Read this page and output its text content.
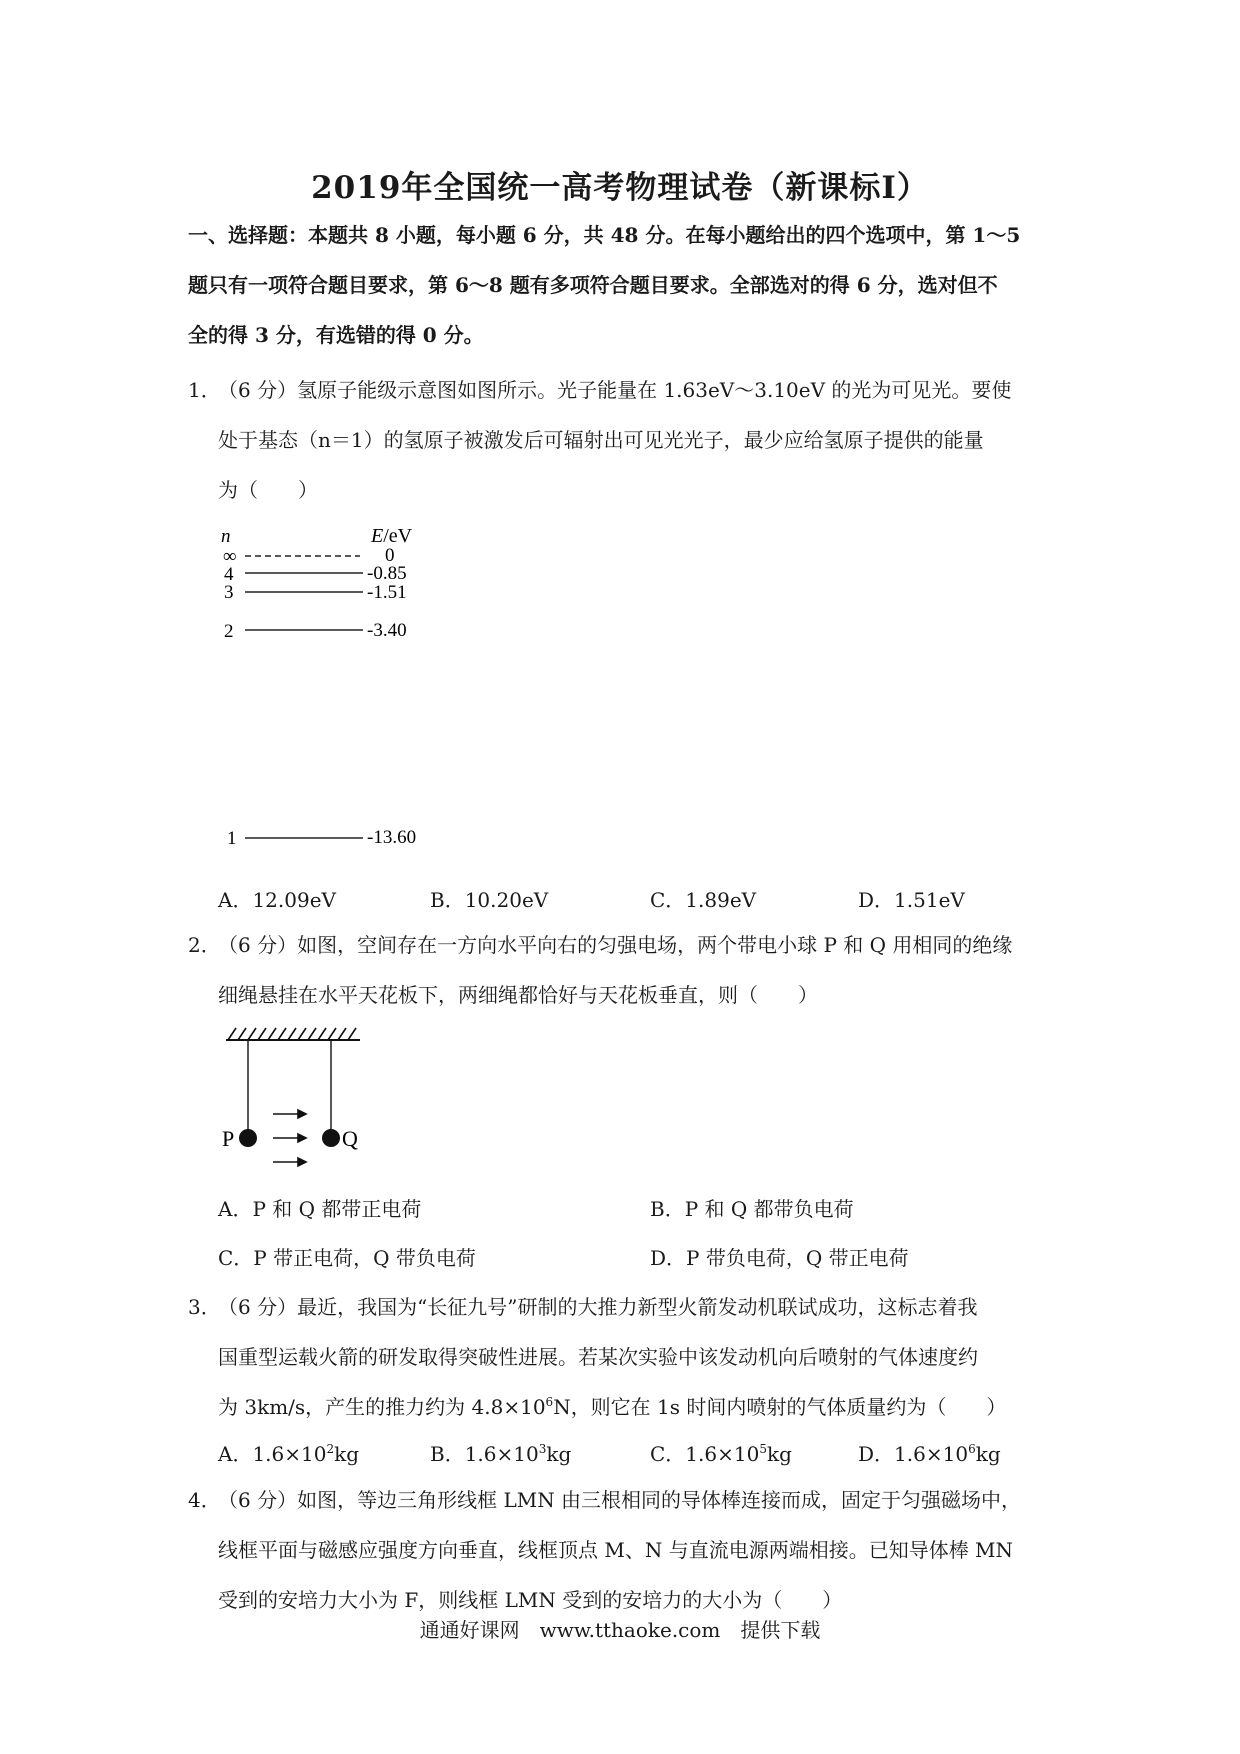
2019年全国统一高考物理试卷（新课标Ⅰ）
一、选择题：本题共 8 小题，每小题 6 分，共 48 分。在每小题给出的四个选项中，第 1～5
题只有一项符合题目要求，第 6～8 题有多项符合题目要求。全部选对的得 6 分，选对但不
全的得 3 分，有选错的得 0 分。
1．
（6 分）氢原子能级示意图如图所示。光子能量在 1.63eV～3.10eV 的光为可见光。要使
处于基态（n＝1）的氢原子被激发后可辐射出可见光光子，最少应给氢原子提供的能量
为（　　）
n	E/eV
∞	0
4	-0.85
3	-1.51
2	-3.40
1	-13.60
A．12.09eV	B．10.20eV	C．1.89eV	D．1.51eV
2．
（6 分）如图，空间存在一方向水平向右的匀强电场，两个带电小球 P 和 Q 用相同的绝缘
细绳悬挂在水平天花板下，两细绳都恰好与天花板垂直，则（　　）
P	Q
A．P 和 Q 都带正电荷	B．P 和 Q 都带负电荷
C．P 带正电荷，Q 带负电荷	D．P 带负电荷，Q 带正电荷
3．
（6 分）最近，我国为“长征九号”研制的大推力新型火箭发动机联试成功，这标志着我
国重型运载火箭的研发取得突破性进展。若某次实验中该发动机向后喷射的气体速度约
为 3km/s，产生的推力约为 $4.8\times 10^6N$，则它在 1s 时间内喷射的气体质量约为（　　）
A．$1.6\times 10^2kg$	B．$1.6\times 10^3kg$	C．$1.6\times 10^5kg$	D．$1.6\times 10^6kg$
4．
（6 分）如图，等边三角形线框 LMN 由三根相同的导体棒连接而成，固定于匀强磁场中，
线框平面与磁感应强度方向垂直，线框顶点 M、N 与直流电源两端相接。已知导体棒 MN
受到的安培力大小为 F，则线框 LMN 受到的安培力的大小为（　　）
通通好课网　www.tthaoke.com　提供下载
